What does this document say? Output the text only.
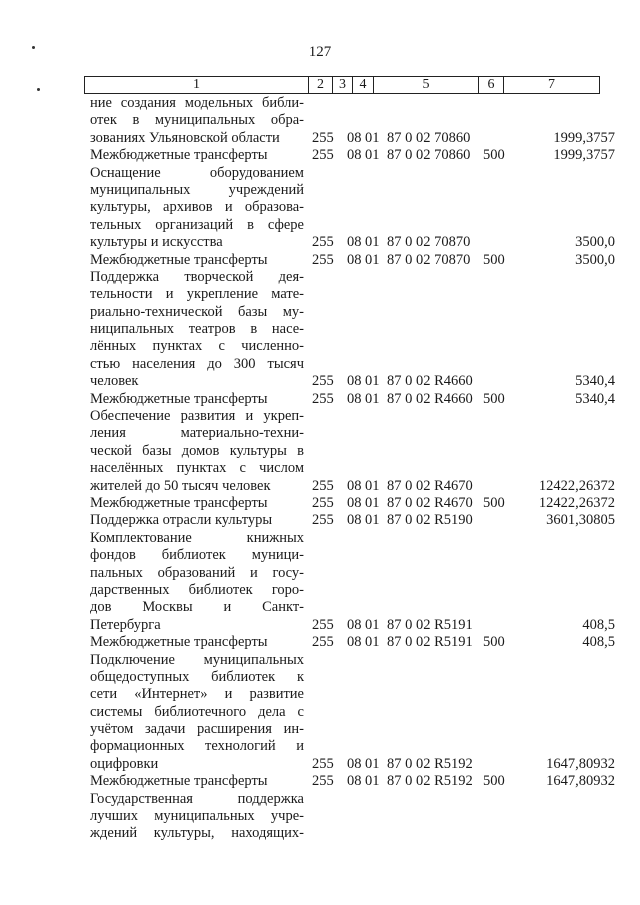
127
1	2	3	4	5	6	7
ние создания модельных библи-
отек в муниципальных обра-
зованиях Ульяновской области	255 08 01 87 0 02 70860	1999,3757
Межбюджетные трансферты	255 08 01 87 0 02 70860 500	1999,3757
Оснащение оборудованием
муниципальных учреждений
культуры, архивов и образова-
тельных организаций в сфере
культуры и искусства	255 08 01 87 0 02 70870	3500,0
Межбюджетные трансферты	255 08 01 87 0 02 70870 500	3500,0
Поддержка творческой дея-
тельности и укрепление мате-
риально-технической базы му-
ниципальных театров в насе-
лённых пунктах с численно-
стью населения до 300 тысяч
человек	255 08 01 87 0 02 R4660	5340,4
Межбюджетные трансферты	255 08 01 87 0 02 R4660 500	5340,4
Обеспечение развития и укреп-
ления материально-техни-
ческой базы домов культуры в
населённых пунктах с числом
жителей до 50 тысяч человек	255 08 01 87 0 02 R4670	12422,26372
Межбюджетные трансферты	255 08 01 87 0 02 R4670 500 12422,26372
Поддержка отрасли культуры	255 08 01 87 0 02 R5190	3601,30805
Комплектование книжных
фондов библиотек муници-
пальных образований и госу-
дарственных библиотек горо-
дов Москвы и Санкт-
Петербурга	255 08 01 87 0 02 R5191	408,5
Межбюджетные трансферты	255 08 01 87 0 02 R5191 500	408,5
Подключение муниципальных
общедоступных библиотек к
сети «Интернет» и развитие
системы библиотечного дела с
учётом задачи расширения ин-
формационных технологий и
оцифровки	255 08 01 87 0 02 R5192	1647,80932
Межбюджетные трансферты	255 08 01 87 0 02 R5192 500	1647,80932
Государственная поддержка
лучших муниципальных учре-
ждений культуры, находящих-
